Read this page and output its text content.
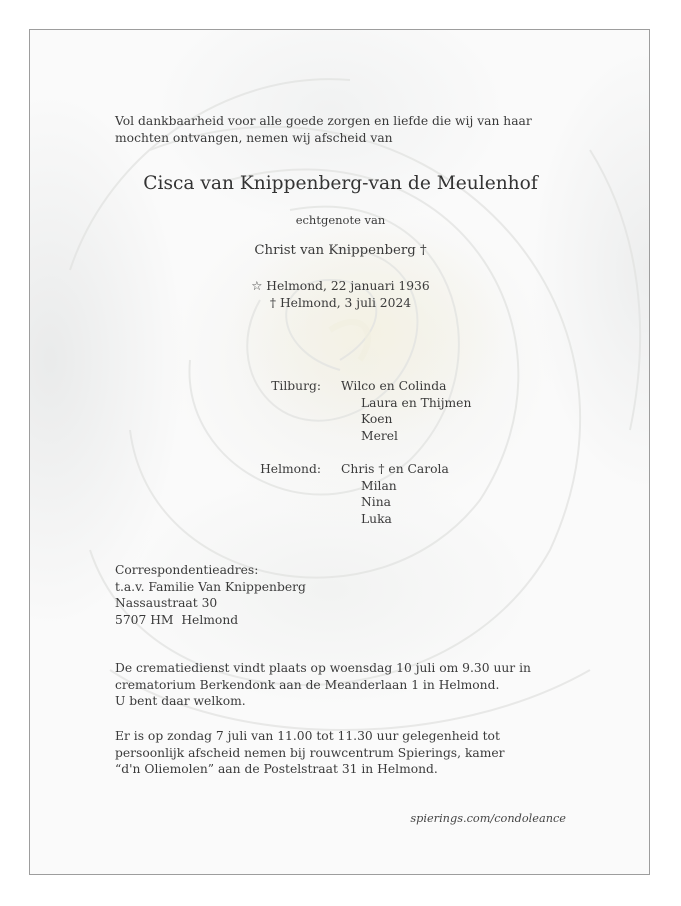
Vol dankbaarheid voor alle goede zorgen en liefde die wij van haar
mochten ontvangen, nemen wij afscheid van
Cisca van Knippenberg-van de Meulenhof
echtgenote van
Christ van Knippenberg †
☆ Helmond, 22 januari 1936
† Helmond, 3 juli 2024
Tilburg: Wilco en Colinda
Laura en Thijmen
Koen
Merel
Helmond: Chris † en Carola
Milan
Nina
Luka
Correspondentieadres:
t.a.v. Familie Van Knippenberg
Nassaustraat 30
5707 HM  Helmond
De crematiedienst vindt plaats op woensdag 10 juli om 9.30 uur in
crematorium Berkendonk aan de Meanderlaan 1 in Helmond.
U bent daar welkom.
Er is op zondag 7 juli van 11.00 tot 11.30 uur gelegenheid tot
persoonlijk afscheid nemen bij rouwcentrum Spierings, kamer
“d'n Oliemolen” aan de Postelstraat 31 in Helmond.
spierings.com/condoleance
